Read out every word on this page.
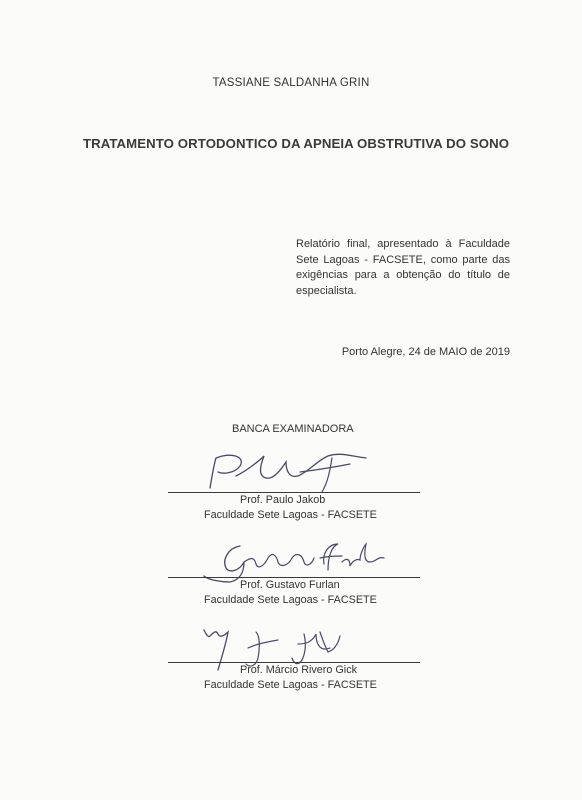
TASSIANE SALDANHA GRIN
TRATAMENTO ORTODONTICO DA APNEIA OBSTRUTIVA DO SONO
Relatório final, apresentado à Faculdade Sete Lagoas - FACSETE, como parte das exigências para a obtenção do título de especialista.
Porto Alegre, 24 de MAIO de 2019
BANCA EXAMINADORA
Prof. Paulo Jakob
Faculdade Sete Lagoas - FACSETE
Prof. Gustavo Furlan
Faculdade Sete Lagoas - FACSETE
Prof. Márcio Rivero Gick
Faculdade Sete Lagoas - FACSETE
